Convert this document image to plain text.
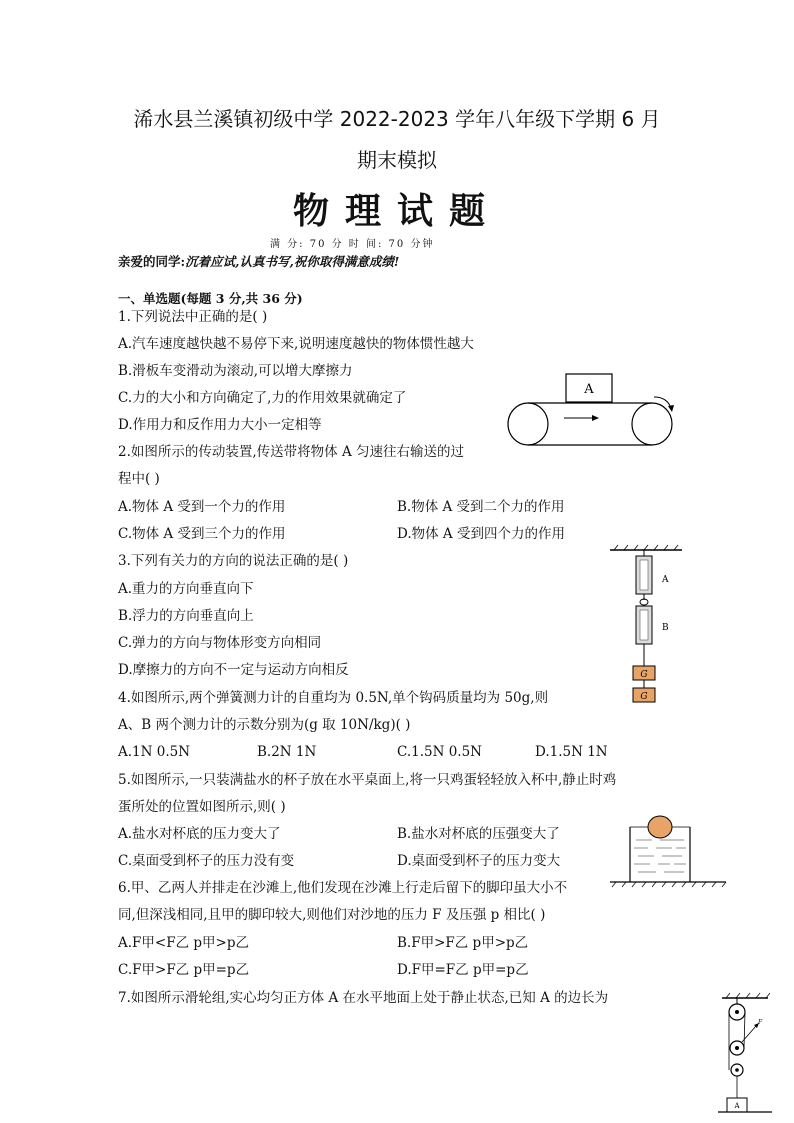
浠水县兰溪镇初级中学 2022-2023 学年八年级下学期 6 月
期末模拟
物理试题
满 分: 70 分 时 间: 70 分钟
亲爱的同学:沉着应试,认真书写,祝你取得满意成绩!
一、单选题(每题 3 分,共 36 分)
1.下列说法中正确的是( )
A.汽车速度越快越不易停下来,说明速度越快的物体惯性越大
B.滑板车变滑动为滚动,可以增大摩擦力
C.力的大小和方向确定了,力的作用效果就确定了
D.作用力和反作用力大小一定相等
A
2.如图所示的传动装置,传送带将物体 A 匀速往右输送的过
程中( )
A.物体 A 受到一个力的作用	B.物体 A 受到二个力的作用
C.物体 A 受到三个力的作用	D.物体 A 受到四个力的作用
A
B
G
G
3.下列有关力的方向的说法正确的是( )
A.重力的方向垂直向下
B.浮力的方向垂直向上
C.弹力的方向与物体形变方向相同
D.摩擦力的方向不一定与运动方向相反
4.如图所示,两个弹簧测力计的自重均为 0.5N,单个钩码质量均为 50g,则
A、B 两个测力计的示数分别为(g 取 10N/kg)( )
A.1N 0.5N	B.2N 1N	C.1.5N 0.5N	D.1.5N 1N
5.如图所示,一只装满盐水的杯子放在水平桌面上,将一只鸡蛋轻轻放入杯中,静止时鸡
蛋所处的位置如图所示,则( )
A.盐水对杯底的压力变大了	B.盐水对杯底的压强变大了
C.桌面受到杯子的压力没有变	D.桌面受到杯子的压力变大
6.甲、乙两人并排走在沙滩上,他们发现在沙滩上行走后留下的脚印虽大小不
同,但深浅相同,且甲的脚印较大,则他们对沙地的压力 F 及压强 p 相比( )
A.F甲<F乙 p甲>p乙	B.F甲>F乙 p甲>p乙
C.F甲>F乙 p甲=p乙	D.F甲=F乙 p甲=p乙
7.如图所示滑轮组,实心均匀正方体 A 在水平地面上处于静止状态,已知 A 的边长为
F
A
